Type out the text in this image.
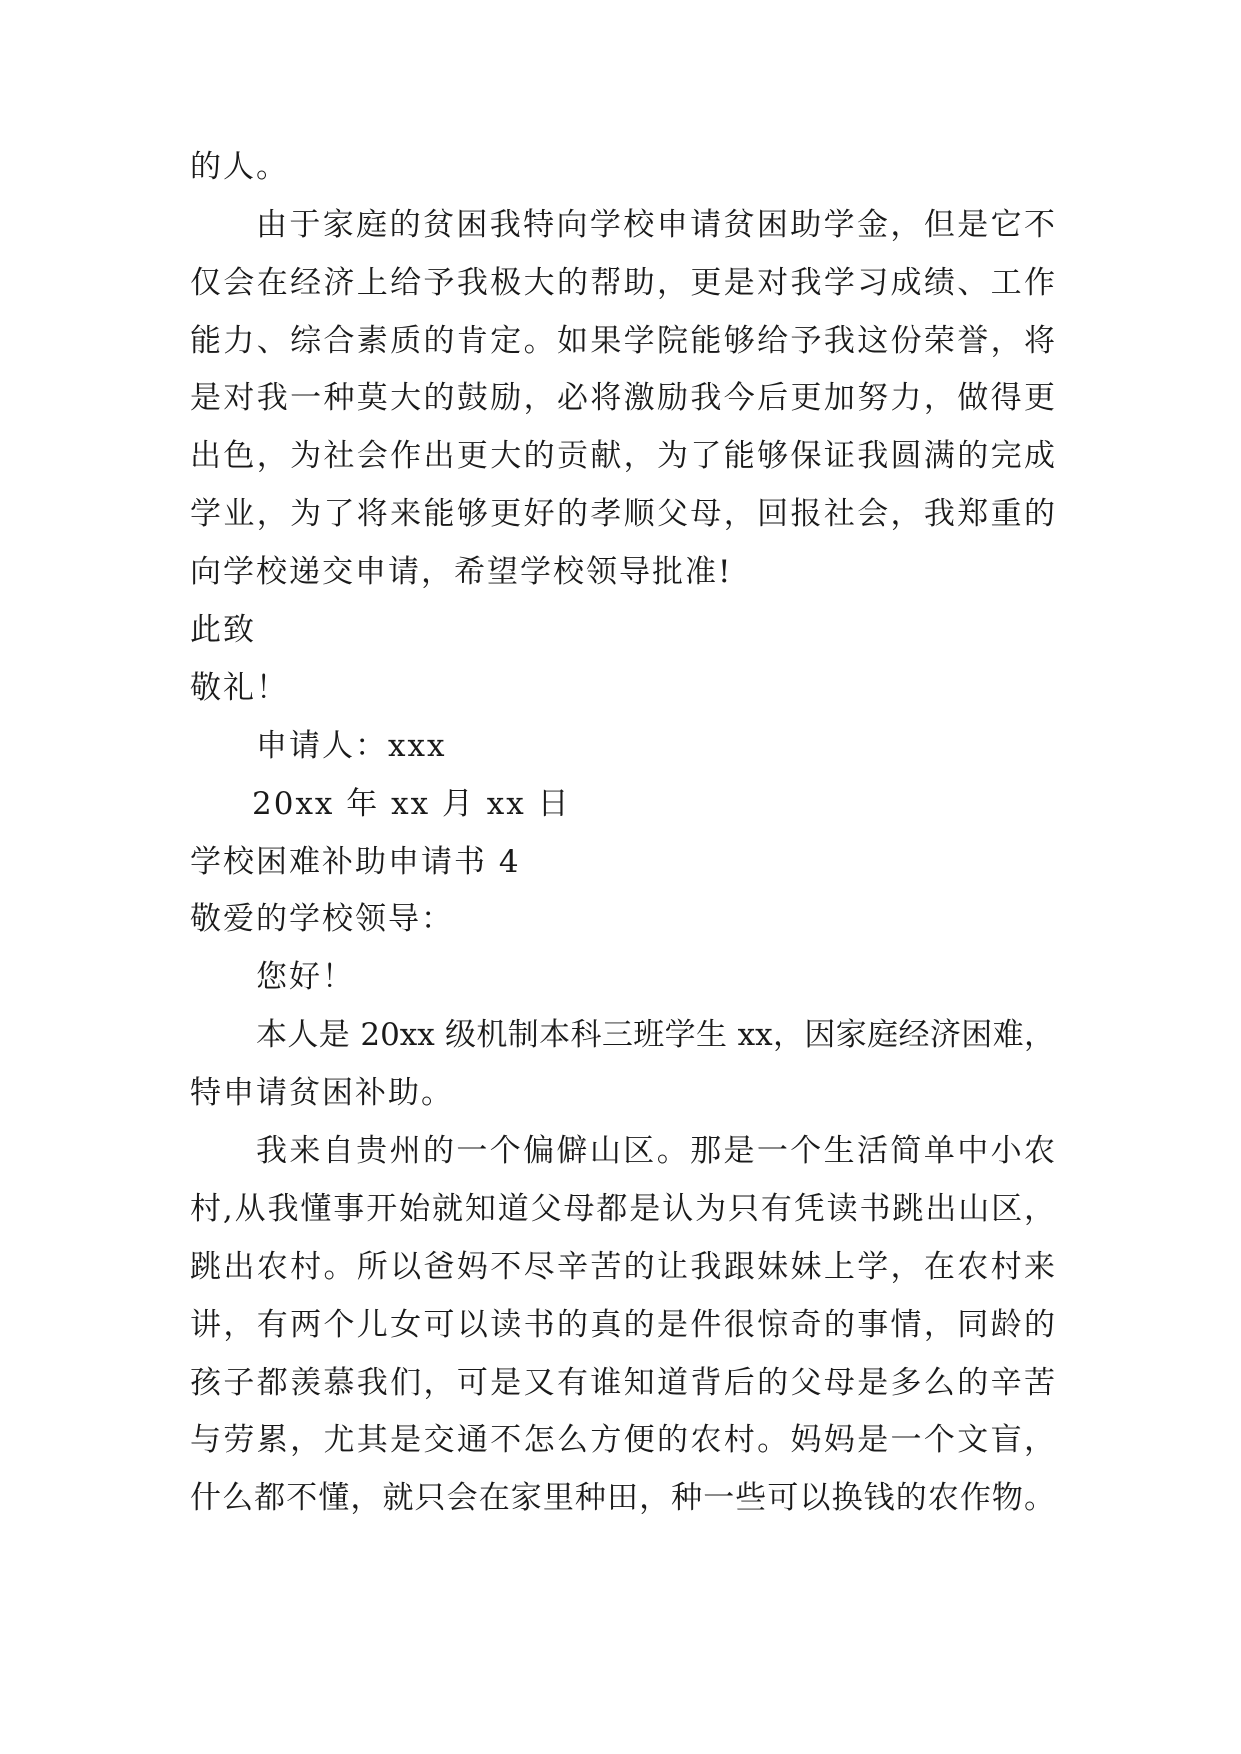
的人。
由于家庭的贫困我特向学校申请贫困助学金，但是它不
仅会在经济上给予我极大的帮助，更是对我学习成绩、工作
能力、综合素质的肯定。如果学院能够给予我这份荣誉，将
是对我一种莫大的鼓励，必将激励我今后更加努力，做得更
出色，为社会作出更大的贡献，为了能够保证我圆满的完成
学业，为了将来能够更好的孝顺父母，回报社会，我郑重的
向学校递交申请，希望学校领导批准!
此致
敬礼！
申请人：xxx
20xx 年 xx 月 xx 日
学校困难补助申请书 4
敬爱的学校领导：
您好！
本人是 20xx 级机制本科三班学生 xx，因家庭经济困难，
特申请贫困补助。
我来自贵州的一个偏僻山区。那是一个生活简单中小农
村,从我懂事开始就知道父母都是认为只有凭读书跳出山区，
跳出农村。所以爸妈不尽辛苦的让我跟妹妹上学，在农村来
讲，有两个儿女可以读书的真的是件很惊奇的事情，同龄的
孩子都羡慕我们，可是又有谁知道背后的父母是多么的辛苦
与劳累，尤其是交通不怎么方便的农村。妈妈是一个文盲，
什么都不懂，就只会在家里种田，种一些可以换钱的农作物。
